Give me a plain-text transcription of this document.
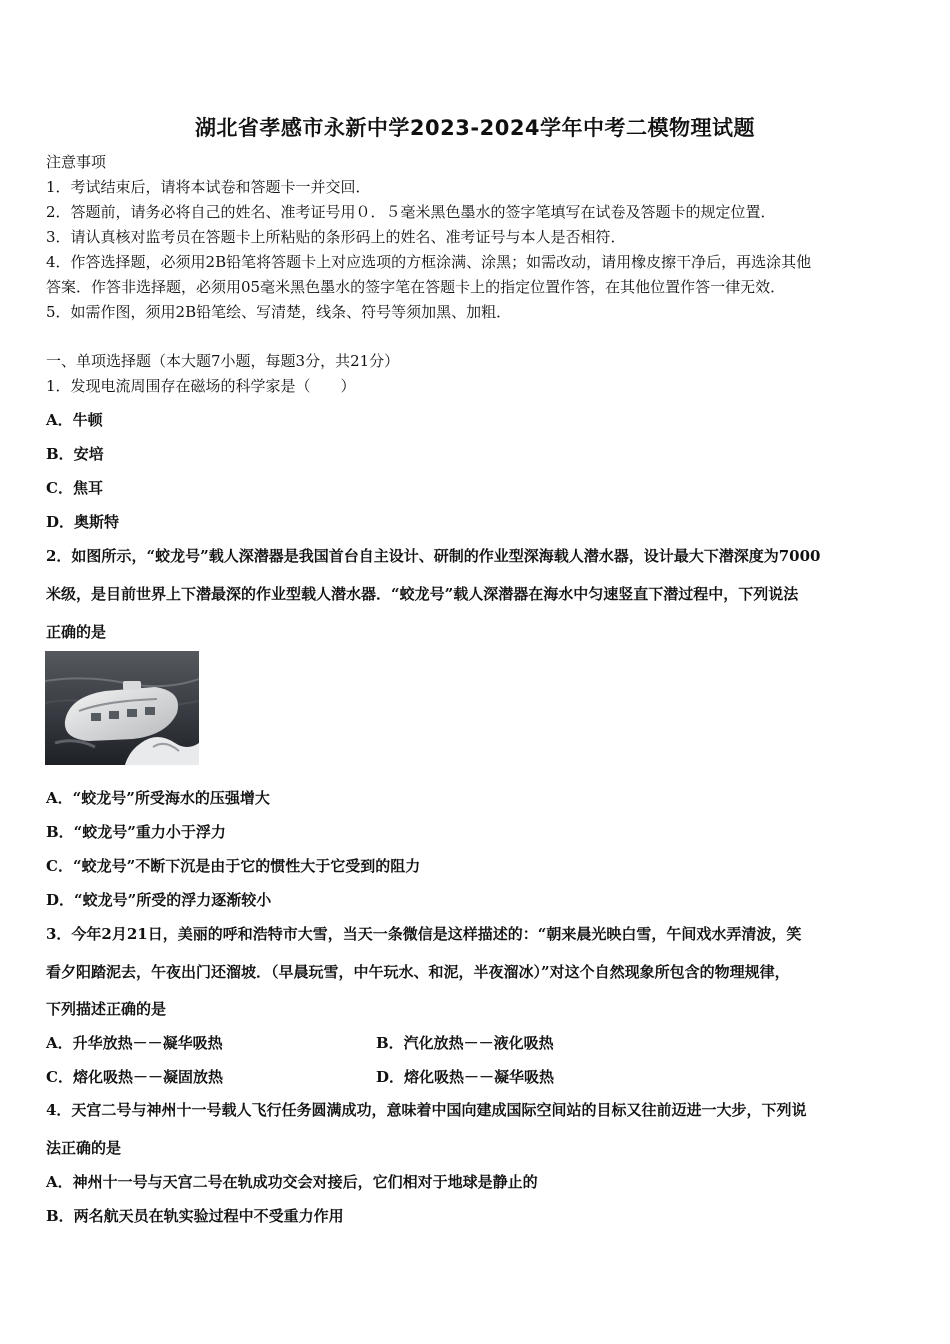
湖北省孝感市永新中学2023-2024学年中考二模物理试题
注意事项
1．考试结束后，请将本试卷和答题卡一并交回．
2．答题前，请务必将自己的姓名、准考证号用０．５毫米黑色墨水的签字笔填写在试卷及答题卡的规定位置．
3．请认真核对监考员在答题卡上所粘贴的条形码上的姓名、准考证号与本人是否相符．
4．作答选择题，必须用2B铅笔将答题卡上对应选项的方框涂满、涂黑；如需改动，请用橡皮擦干净后，再选涂其他
答案．作答非选择题，必须用05毫米黑色墨水的签字笔在答题卡上的指定位置作答，在其他位置作答一律无效．
5．如需作图，须用2B铅笔绘、写清楚，线条、符号等须加黑、加粗．
一、单项选择题（本大题7小题，每题3分，共21分）
1．发现电流周围存在磁场的科学家是（　　）
A．牛顿
B．安培
C．焦耳
D．奥斯特
2．如图所示，“蛟龙号”载人深潜器是我国首台自主设计、研制的作业型深海载人潜水器，设计最大下潜深度为7000
米级，是目前世界上下潜最深的作业型载人潜水器．“蛟龙号”载人深潜器在海水中匀速竖直下潜过程中，下列说法
正确的是
A．“蛟龙号”所受海水的压强增大
B．“蛟龙号”重力小于浮力
C．“蛟龙号”不断下沉是由于它的惯性大于它受到的阻力
D．“蛟龙号”所受的浮力逐渐较小
3．今年2月21日，美丽的呼和浩特市大雪，当天一条微信是这样描述的：“朝来晨光映白雪，午间戏水弄清波，笑
看夕阳踏泥去，午夜出门还溜坡．（早晨玩雪，中午玩水、和泥，半夜溜冰）”对这个自然现象所包含的物理规律，
下列描述正确的是
A．升华放热－－凝华吸热	B．汽化放热－－液化吸热
C．熔化吸热－－凝固放热	D．熔化吸热－－凝华吸热
4．天宫二号与神州十一号载人飞行任务圆满成功，意味着中国向建成国际空间站的目标又往前迈进一大步，下列说
法正确的是
A．神州十一号与天宫二号在轨成功交会对接后，它们相对于地球是静止的
B．两名航天员在轨实验过程中不受重力作用
